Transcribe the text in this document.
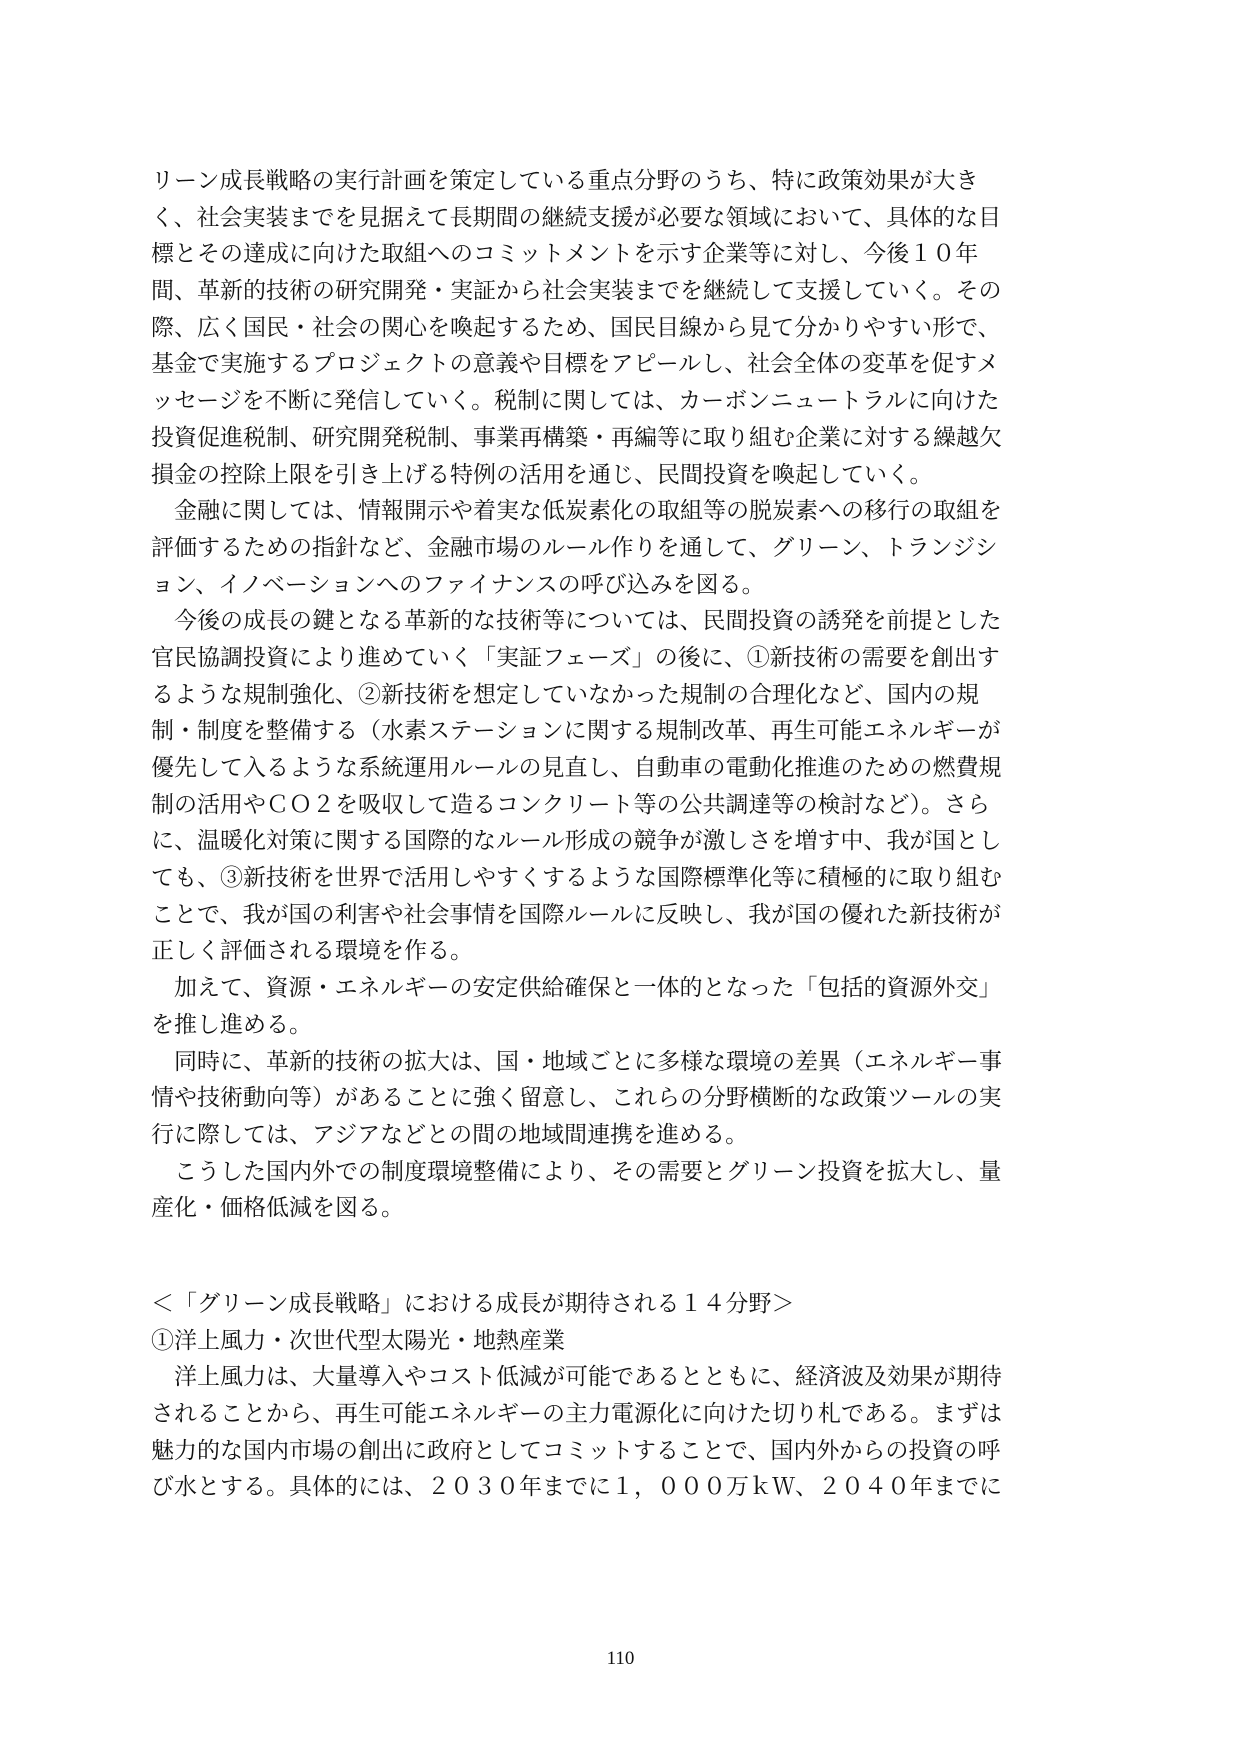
リーン成長戦略の実行計画を策定している重点分野のうち、特に政策効果が大き
く、社会実装までを見据えて長期間の継続支援が必要な領域において、具体的な目
標とその達成に向けた取組へのコミットメントを示す企業等に対し、今後１０年
間、革新的技術の研究開発・実証から社会実装までを継続して支援していく。その
際、広く国民・社会の関心を喚起するため、国民目線から見て分かりやすい形で、
基金で実施するプロジェクトの意義や目標をアピールし、社会全体の変革を促すメ
ッセージを不断に発信していく。税制に関しては、カーボンニュートラルに向けた
投資促進税制、研究開発税制、事業再構築・再編等に取り組む企業に対する繰越欠
損金の控除上限を引き上げる特例の活用を通じ、民間投資を喚起していく。
　金融に関しては、情報開示や着実な低炭素化の取組等の脱炭素への移行の取組を
評価するための指針など、金融市場のルール作りを通して、グリーン、トランジシ
ョン、イノベーションへのファイナンスの呼び込みを図る。
　今後の成長の鍵となる革新的な技術等については、民間投資の誘発を前提とした
官民協調投資により進めていく「実証フェーズ」の後に、①新技術の需要を創出す
るような規制強化、②新技術を想定していなかった規制の合理化など、国内の規
制・制度を整備する（水素ステーションに関する規制改革、再生可能エネルギーが
優先して入るような系統運用ルールの見直し、自動車の電動化推進のための燃費規
制の活用やＣＯ２を吸収して造るコンクリート等の公共調達等の検討など）。さら
に、温暖化対策に関する国際的なルール形成の競争が激しさを増す中、我が国とし
ても、③新技術を世界で活用しやすくするような国際標準化等に積極的に取り組む
ことで、我が国の利害や社会事情を国際ルールに反映し、我が国の優れた新技術が
正しく評価される環境を作る。
　加えて、資源・エネルギーの安定供給確保と一体的となった「包括的資源外交」
を推し進める。
　同時に、革新的技術の拡大は、国・地域ごとに多様な環境の差異（エネルギー事
情や技術動向等）があることに強く留意し、これらの分野横断的な政策ツールの実
行に際しては、アジアなどとの間の地域間連携を進める。
　こうした国内外での制度環境整備により、その需要とグリーン投資を拡大し、量
産化・価格低減を図る。
＜「グリーン成長戦略」における成長が期待される１４分野＞
①洋上風力・次世代型太陽光・地熱産業
　洋上風力は、大量導入やコスト低減が可能であるとともに、経済波及効果が期待
されることから、再生可能エネルギーの主力電源化に向けた切り札である。まずは
魅力的な国内市場の創出に政府としてコミットすることで、国内外からの投資の呼
び水とする。具体的には、２０３０年までに１，０００万ｋＷ、２０４０年までに
110
